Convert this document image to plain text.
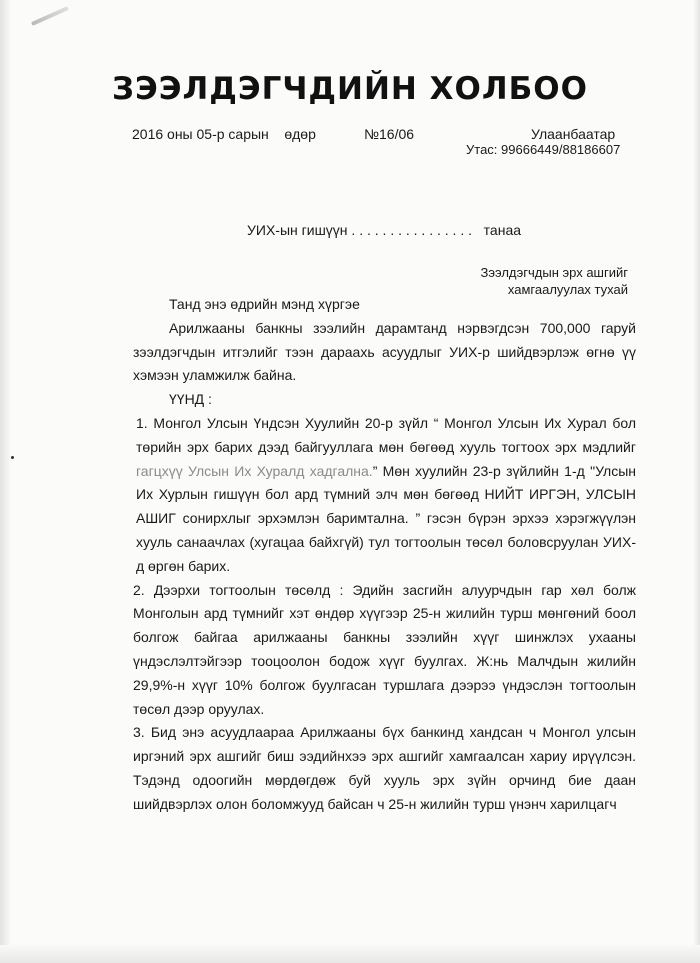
ЗЭЭЛДЭГЧДИЙН ХОЛБОО
2016 оны 05-р сарын    өдөр	№16/06	Улаанбаатар
Утас: 99666449/88186607
УИХ-ын гишүүн . . . . . . . . . . . . . . . .   танаа
Зээлдэгчдын эрх ашгийг
хамгаалуулах тухай

Танд энэ өдрийн мэнд хүргэе

Арилжааны банкны зээлийн дарамтанд нэрвэгдсэн 700,000 гаруй зээлдэгчдын итгэлийг тээн дараахь асуудлыг УИХ-р шийдвэрлэж өгнө үү хэмээн уламжилж байна.

ҮҮНД :

1. Монгол Улсын Үндсэн Хуулийн 20-р зүйл “ Монгол Улсын Их Хурал бол төрийн эрх барих дээд байгууллага мөн бөгөөд хууль тогтоох эрх мэдлийг гагцхүү Улсын Их Хуралд хадгална.” Мөн хуулийн 23-р зүйлийн 1-д "Улсын Их Хурлын гишүүн бол ард түмний элч мөн бөгөөд НИЙТ ИРГЭН, УЛСЫН АШИГ сонирхлыг эрхэмлэн баримталнa. ” гэсэн бүрэн эрхээ хэрэгжүүлэн хууль санаачлах (хугацаа байхгүй) тул тогтоолын төсөл боловсруулан УИХ-д өргөн барих.

2. Дээрхи тогтоолын төсөлд : Эдийн засгийн алуурчдын гар хөл болж Монголын ард түмнийг хэт өндөр хүүгээр 25-н жилийн турш мөнгөний боол болгож байгаа арилжааны банкны зээлийн хүүг шинжлэх ухааны үндэслэлтэйгээр тооцоолон бодож хүүг буулгах. Ж:нь Малчдын жилийн 29,9%-н хүүг 10% болгож буулгасан туршлага дээрээ үндэслэн тогтоолын төсөл дээр оруулах.

3. Бид энэ асуудлаараа Арилжааны бүх банкинд хандсан ч Монгол улсын иргэний эрх ашгийг биш ээдийнхээ эрх ашгийг хамгаалсан хариу ирүүлсэн. Тэдэнд одоогийн мөрдөгдөж буй хууль эрх зүйн орчинд бие даан шийдвэрлэх олон боломжууд байсан ч 25-н жилийн турш үнэнч харилцагч
